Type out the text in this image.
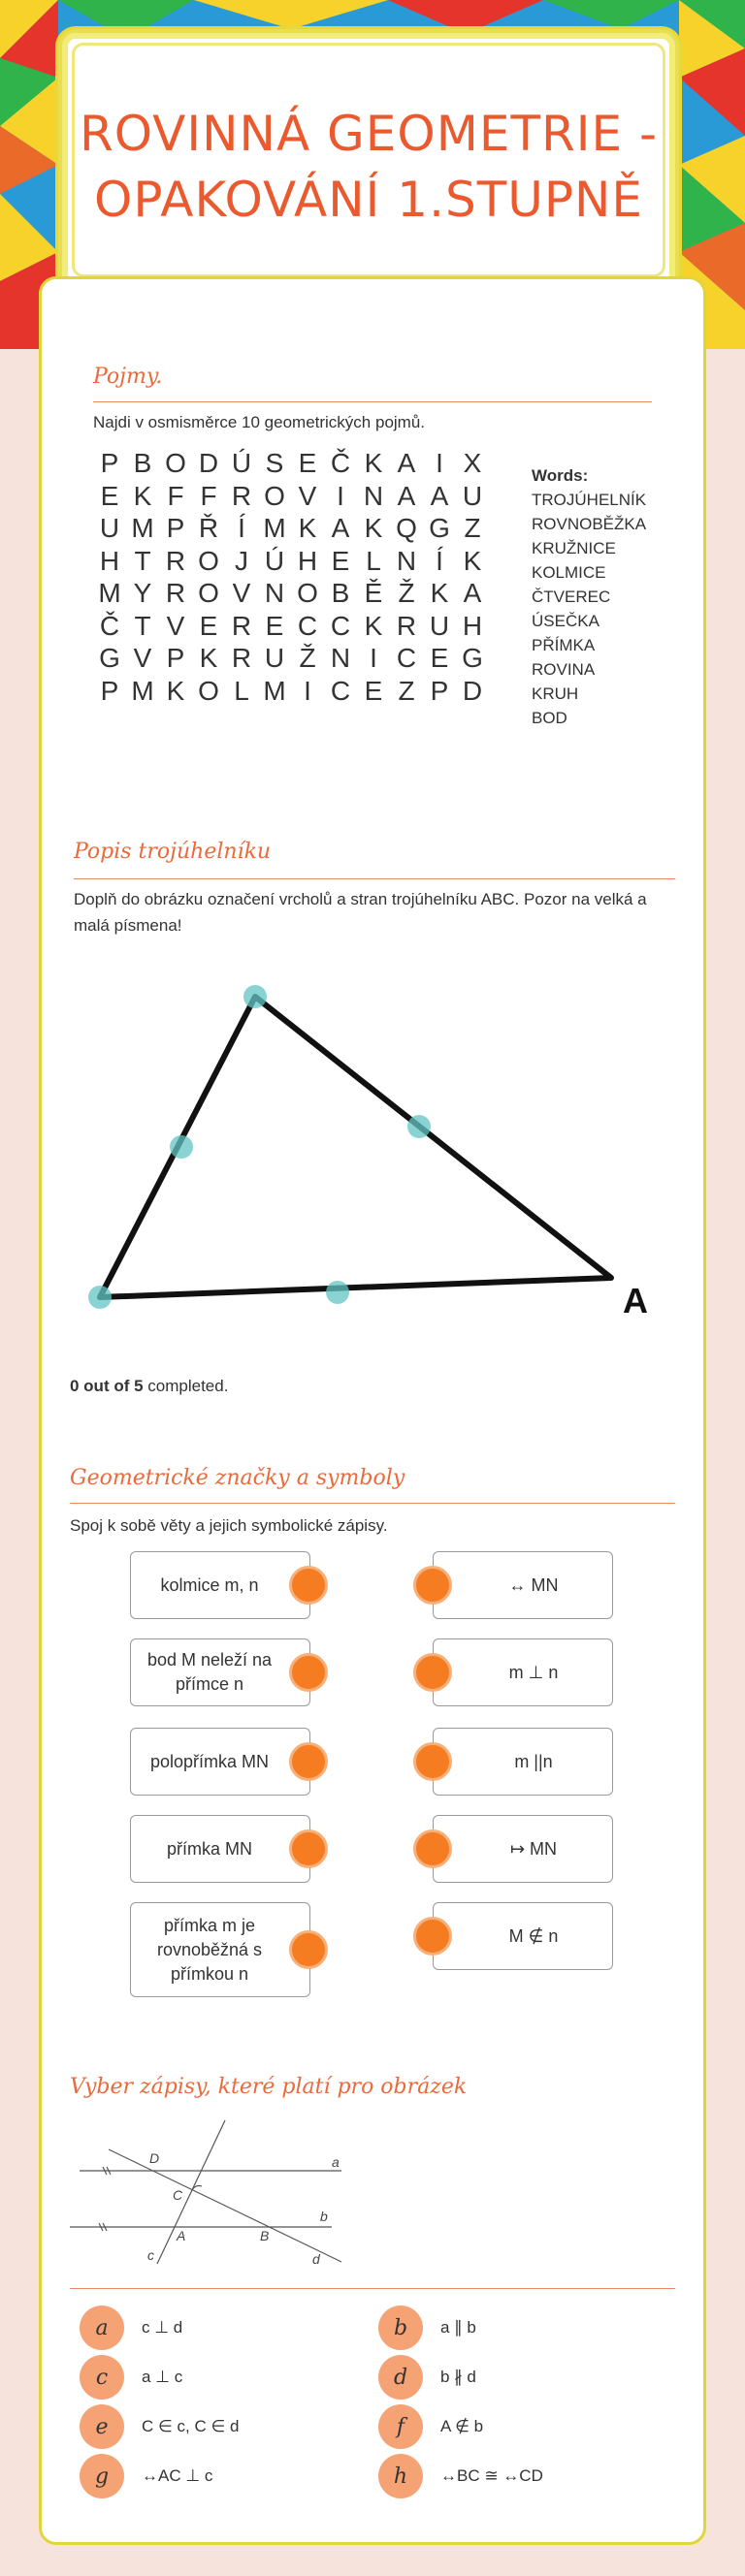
ROVINNÁ GEOMETRIE - OPAKOVÁNÍ 1.STUPNĚ
Pojmy.
Najdi v osmisměrce 10 geometrických pojmů.
P B O D Ú S E Č K A I X
E K F F R O V I N A A U
U M P Ř Í M K A K Q G Z
H T R O J Ú H E L N Í K
M Y R O V N O B Ě Ž K A
Č T V E R E C C K R U H
G V P K R U Ž N I C E G
P M K O L M I C E Z P D
Words:
TROJÚHELNÍK
ROVNOBĚŽKA
KRUŽNICE
KOLMICE
ČTVEREC
ÚSEČKA
PŘÍMKA
ROVINA
KRUH
BOD
Popis trojúhelníku
Doplň do obrázku označení vrcholů a stran trojúhelníku ABC. Pozor na velká a malá písmena!
A
0 out of 5 completed.
Geometrické značky a symboly
Spoj k sobě věty a jejich symbolické zápisy.
kolmice m, n
bod M neleží na přímce n
polopřímka MN
přímka MN
přímka m je rovnoběžná s přímkou n
↔ MN
m ⊥ n
m ||n
↦ MN
M ∉ n
Vyber zápisy, které platí pro obrázek
a
b
c	d
A	B
C
D
a	c ⊥ d	b	a ∥ b
c	a ⊥ c	d	b ∦ d
e	C ∈ c, C ∈ d	f	A ∉ b
g	↔AC ⊥ c	h	↔BC ≅ ↔CD
